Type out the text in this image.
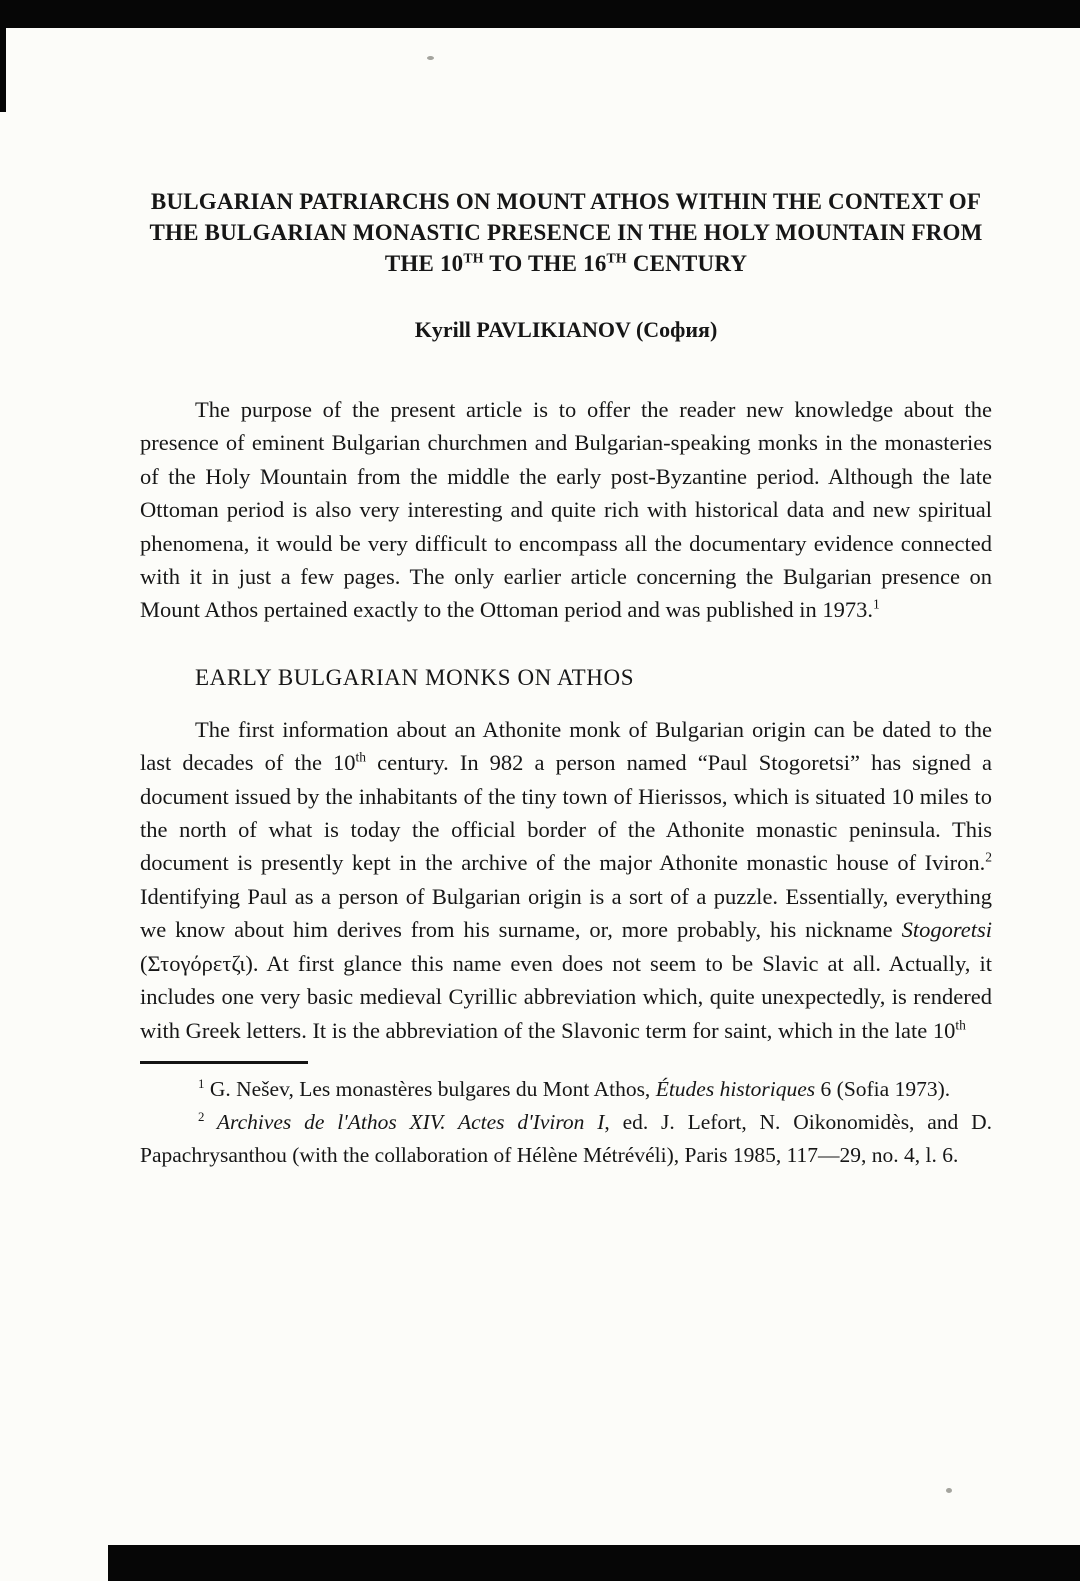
BULGARIAN PATRIARCHS ON MOUNT ATHOS WITHIN THE CONTEXT OF THE BULGARIAN MONASTIC PRESENCE IN THE HOLY MOUNTAIN FROM THE 10TH TO THE 16TH CENTURY
Kyrill PAVLIKIANOV (София)

The purpose of the present article is to offer the reader new knowledge about the presence of eminent Bulgarian churchmen and Bulgarian-speaking monks in the monasteries of the Holy Mountain from the middle the early post-Byzantine period. Although the late Ottoman period is also very interesting and quite rich with historical data and new spiritual phenomena, it would be very difficult to encompass all the documentary evidence connected with it in just a few pages. The only earlier article concerning the Bulgarian presence on Mount Athos pertained exactly to the Ottoman period and was published in 1973.$^1$

EARLY BULGARIAN MONKS ON ATHOS

The first information about an Athonite monk of Bulgarian origin can be dated to the last decades of the 10th century. In 982 a person named “Paul Stogoretsi” has signed a document issued by the inhabitants of the tiny town of Hierissos, which is situated 10 miles to the north of what is today the official border of the Athonite monastic peninsula. This document is presently kept in the archive of the major Athonite monastic house of Iviron.$^2$ Identifying Paul as a person of Bulgarian origin is a sort of a puzzle. Essentially, everything we know about him derives from his surname, or, more probably, his nickname Stogoretsi (Στογόρετζι). At first glance this name even does not seem to be Slavic at all. Actually, it includes one very basic medieval Cyrillic abbreviation which, quite unexpectedly, is rendered with Greek letters. It is the abbreviation of the Slavonic term for saint, which in the late 10th

$^1$ G. Nešev, Les monastères bulgares du Mont Athos, Études historiques 6 (Sofia 1973).

$^2$ Archives de l'Athos XIV. Actes d'Iviron I, ed. J. Lefort, N. Oikonomidès, and D. Papachrysanthou (with the collaboration of Hélène Métrévéli), Paris 1985, 117—29, no. 4, l. 6.
